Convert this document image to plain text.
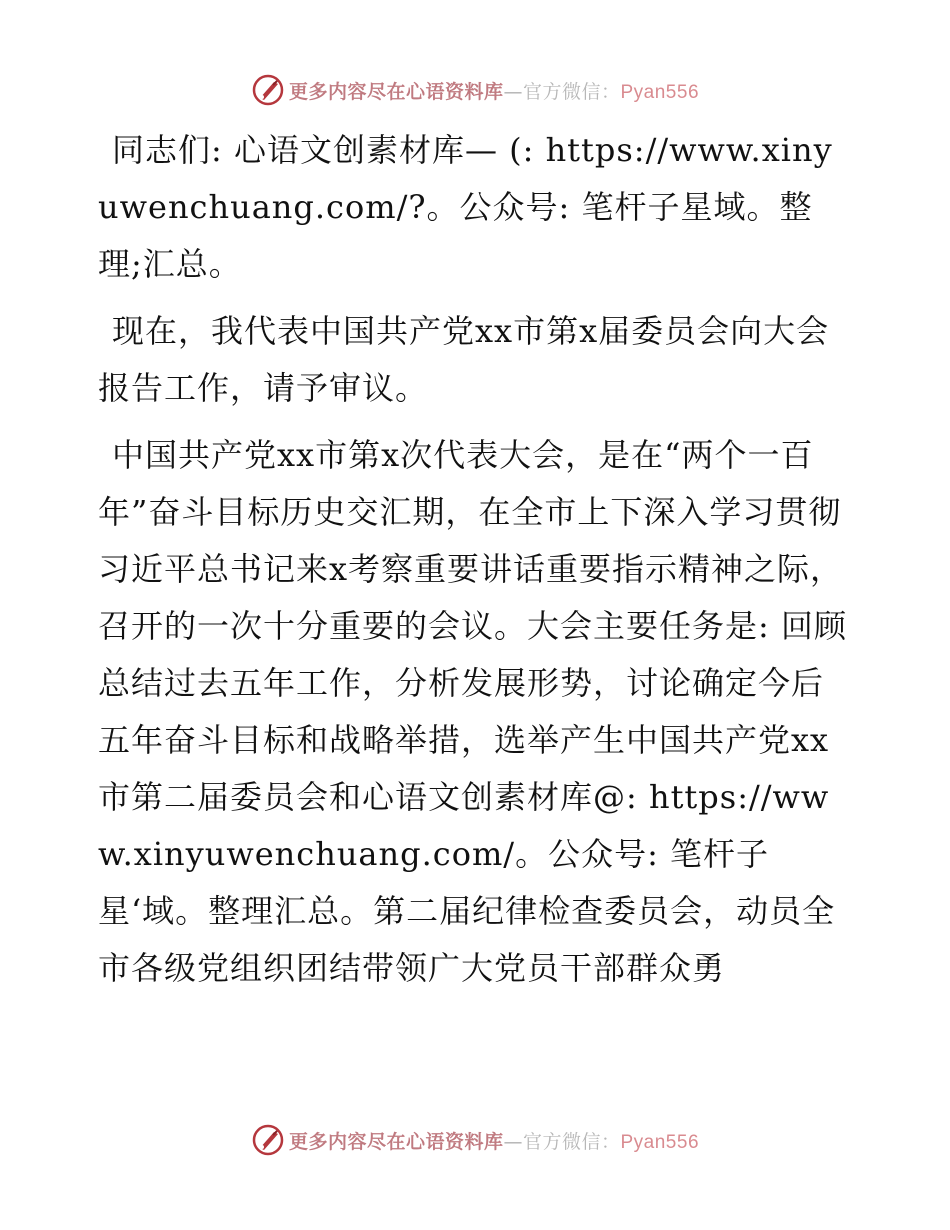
更多内容尽在心语资料库—官方微信：Pyan556

同志们: 心语文创素材库— (: https://www.xinyuwenchuang.com/?。公众号: 笔杆子星域。整理;汇总。

现在，我代表中国共产党xx市第x届委员会向大会报告工作，请予审议。

中国共产党xx市第x次代表大会，是在“两个一百年”奋斗目标历史交汇期，在全市上下深入学习贯彻习近平总书记来x考察重要讲话重要指示精神之际，召开的一次十分重要的会议。大会主要任务是: 回顾总结过去五年工作，分析发展形势，讨论确定今后五年奋斗目标和战略举措，选举产生中国共产党xx市第二届委员会和心语文创素材库@: https://www.xinyuwenchuang.com/。公众号: 笔杆子星‘域。整理汇总。第二届纪律检查委员会，动员全市各级党组织团结带领广大党员干部群众勇

更多内容尽在心语资料库—官方微信：Pyan556
